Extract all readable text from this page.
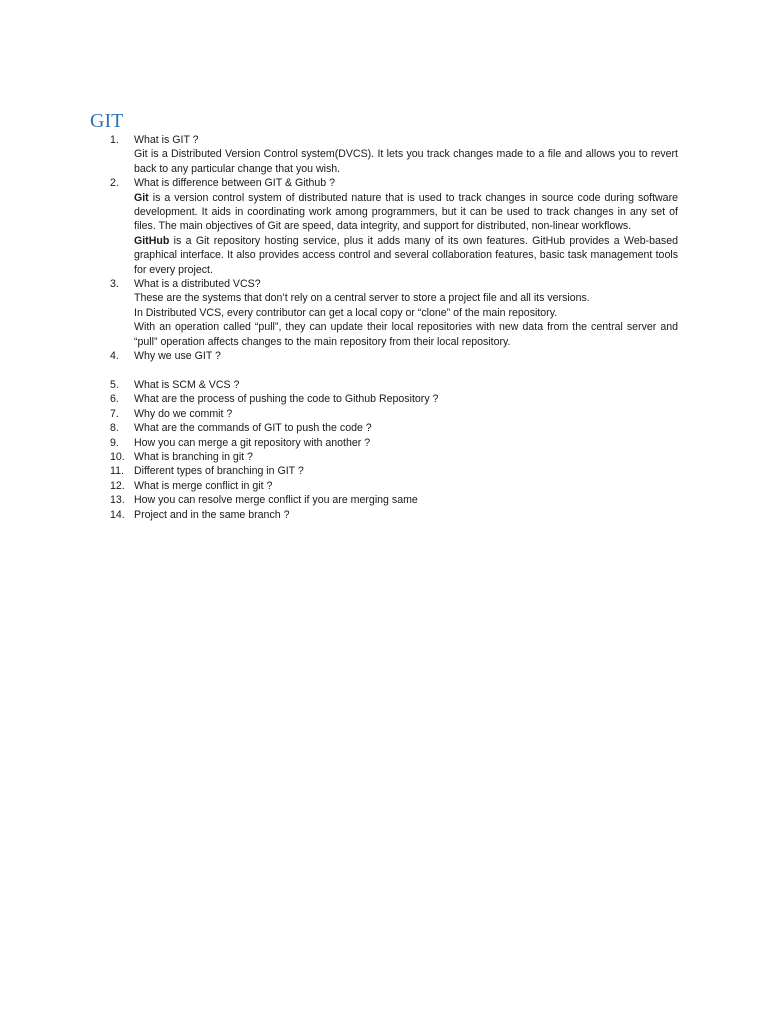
GIT
1.	What is GIT ?

Git is a Distributed Version Control system(DVCS). It lets you track changes made to a file and allows you to revert back to any particular change that you wish.

2.	What is difference between GIT & Github ?

Git is a version control system of distributed nature that is used to track changes in source code during software development. It aids in coordinating work among programmers, but it can be used to track changes in any set of files. The main objectives of Git are speed, data integrity, and support for distributed, non-linear workflows.

GitHub is a Git repository hosting service, plus it adds many of its own features. GitHub provides a Web-based graphical interface. It also provides access control and several collaboration features, basic task management tools for every project.

3.	What is a distributed VCS?

These are the systems that don’t rely on a central server to store a project file and all its versions.

In Distributed VCS, every contributor can get a local copy or “clone” of the main repository.

With an operation called “pull”, they can update their local repositories with new data from the central server and “pull” operation affects changes to the main repository from their local repository.

4.	Why we use GIT ?

5.	What is SCM & VCS ?

6.	What are the process of pushing the code to Github Repository ?

7.	Why do we commit ?

8.	What are the commands of GIT to push the code ?

9.	How you can merge a git repository with another ?

10. What is branching in git ?

11. Different types of branching in GIT ?

12. What is merge conflict in git ?

13. How you can resolve merge conflict if you are merging same

14. Project and in the same branch ?
